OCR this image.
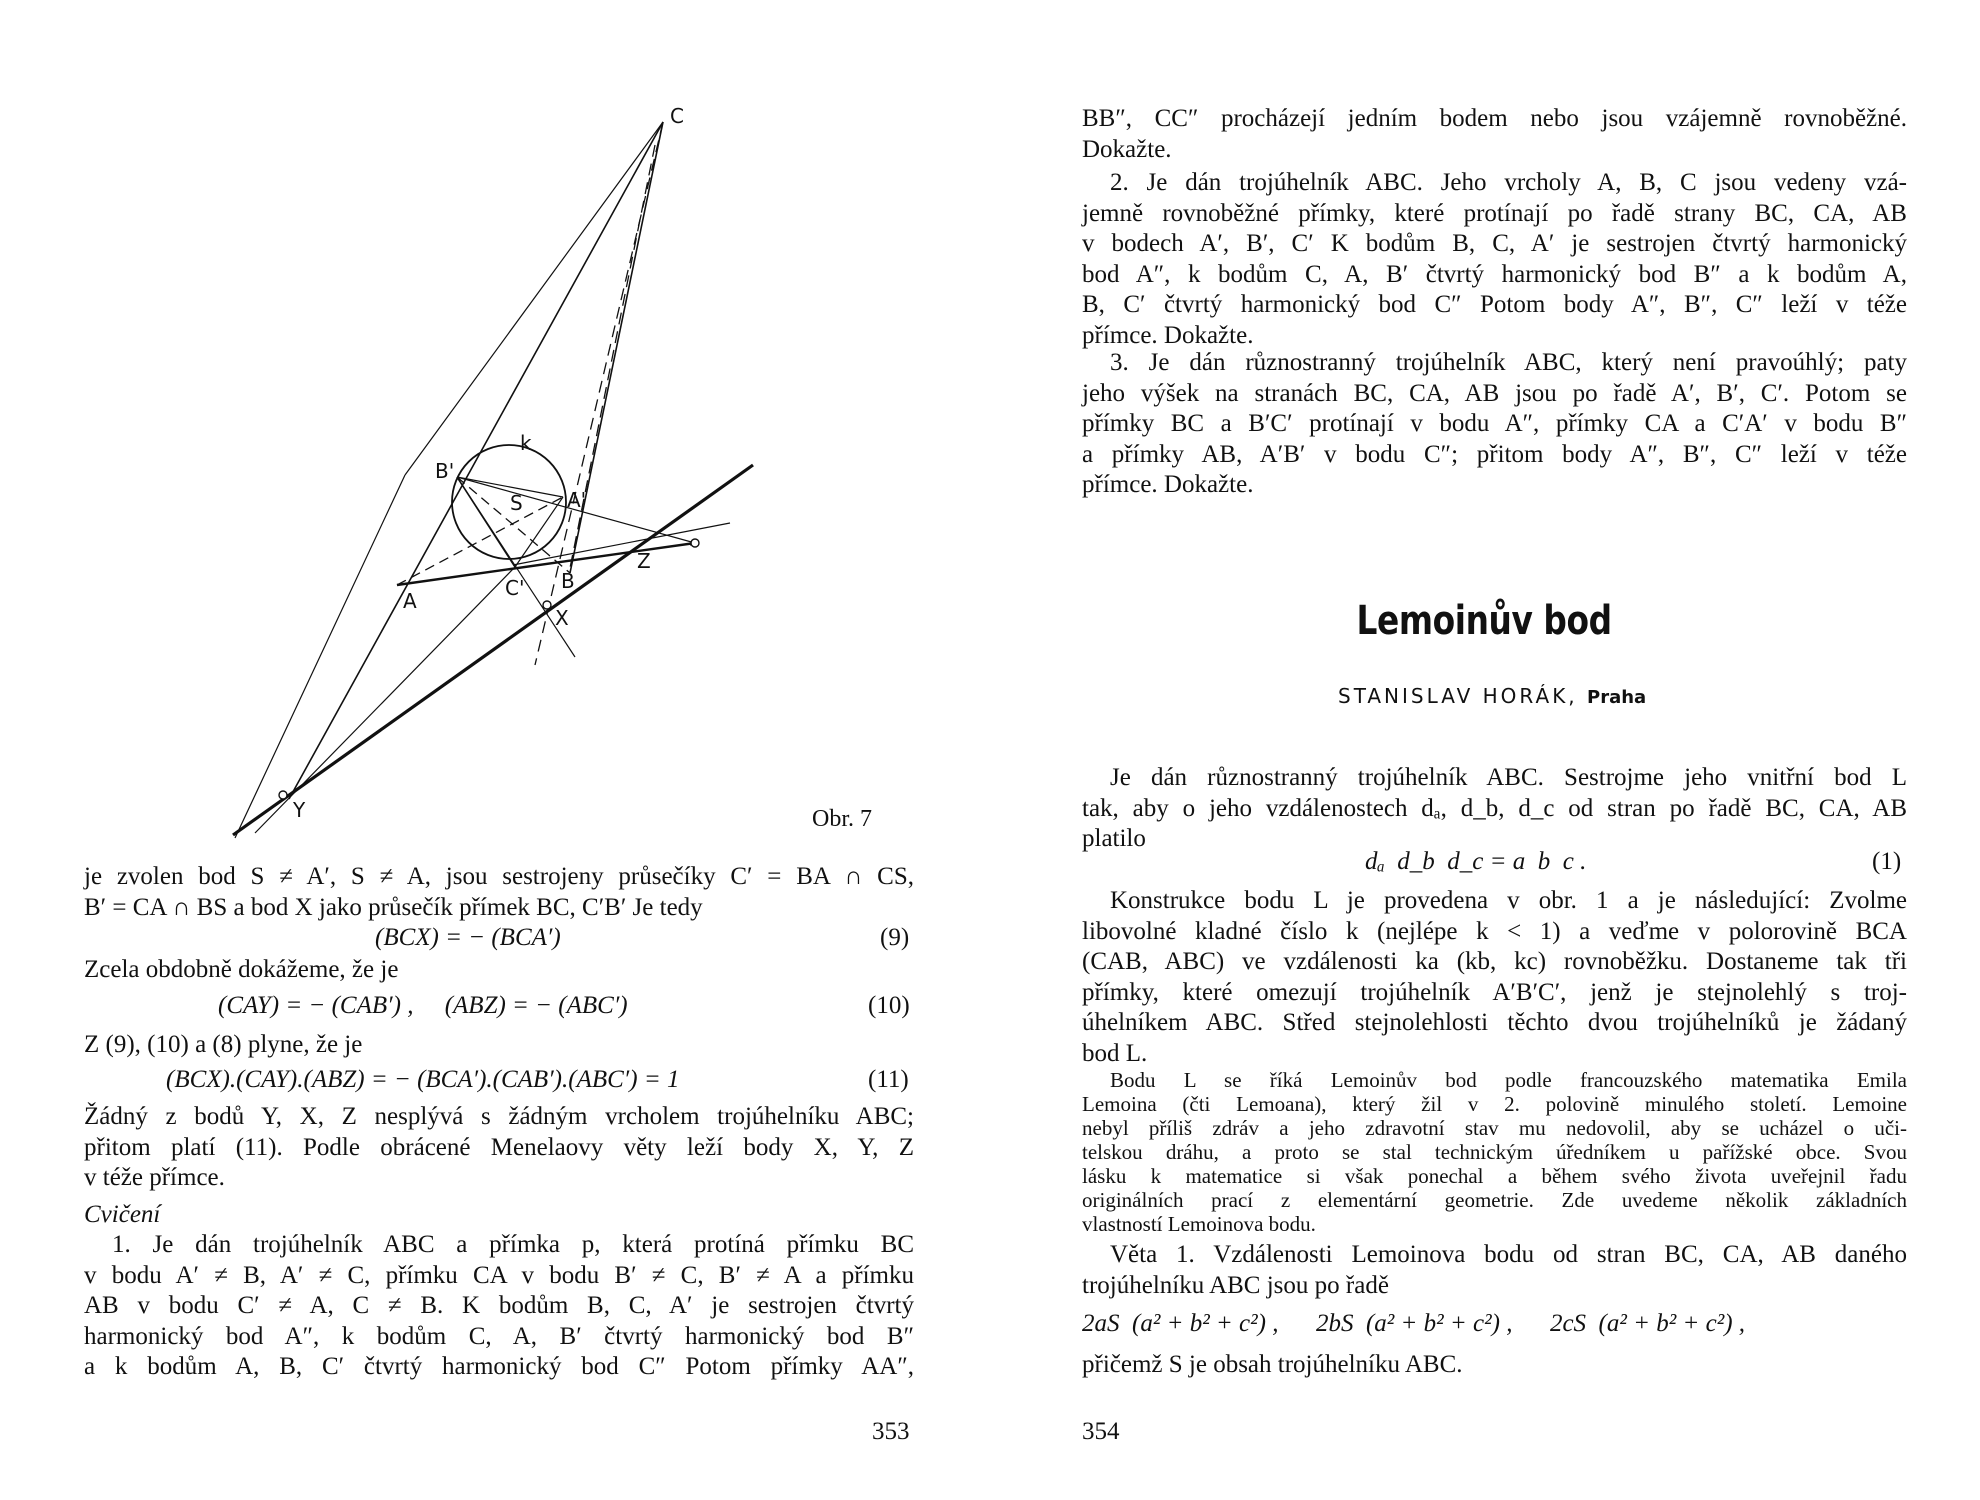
C
k
B'
S A'
Z
A
C' B
X
Y	Obr. 7
je zvolen bod S ≠ A′, S ≠ A, jsou sestrojeny průsečíky C′ = BA ∩ CS,
B′ = CA ∩ BS a bod X jako průsečík přímek BC, C′B′ Je tedy
(BCX) = − (BCA′)	(9)
Zcela obdobně dokážeme, že je
(CAY) = − (CAB′) ,     (ABZ) = − (ABC′)	(10)
Z (9), (10) a (8) plyne, že je
(BCX).(CAY).(ABZ) = − (BCA′).(CAB′).(ABC′) = 1	(11)
Žádný z bodů Y, X, Z nesplývá s žádným vrcholem trojúhelníku ABC;
přitom platí (11). Podle obrácené Menelaovy věty leží body X, Y, Z
v téže přímce.
Cvičení
1. Je dán trojúhelník ABC a přímka p, která protíná přímku BC
v bodu A′ ≠ B, A′ ≠ C, přímku CA v bodu B′ ≠ C, B′ ≠ A a přímku
AB v bodu C′ ≠ A, C ≠ B. K bodům B, C, A′ je sestrojen čtvrtý
harmonický bod A″, k bodům C, A, B′ čtvrtý harmonický bod B″
a k bodům A, B, C′ čtvrtý harmonický bod C″ Potom přímky AA″,
353
BB″, CC″ procházejí jedním bodem nebo jsou vzájemně rovnoběžné.
Dokažte.
2. Je dán trojúhelník ABC. Jeho vrcholy A, B, C jsou vedeny vzá-
jemně rovnoběžné přímky, které protínají po řadě strany BC, CA, AB
v bodech A′, B′, C′ K bodům B, C, A′ je sestrojen čtvrtý harmonický
bod A″, k bodům C, A, B′ čtvrtý harmonický bod B″ a k bodům A,
B, C′ čtvrtý harmonický bod C″ Potom body A″, B″, C″ leží v téže
přímce. Dokažte.
3. Je dán různostranný trojúhelník ABC, který není pravoúhlý; paty
jeho výšek na stranách BC, CA, AB jsou po řadě A′, B′, C′. Potom se
přímky BC a B′C′ protínají v bodu A″, přímky CA a C′A′ v bodu B″
a přímky AB, A′B′ v bodu C″; přitom body A″, B″, C″ leží v téže
přímce. Dokažte.
Lemoinův bod
STANISLAV HORÁK, Praha
Je dán různostranný trojúhelník ABC. Sestrojme jeho vnitřní bod L
tak, aby o jeho vzdálenostech dₐ, d_b, d_c od stran po řadě BC, CA, AB
platilo
dₐ  d_b  d_c = a  b  c .	(1)
Konstrukce bodu L je provedena v obr. 1 a je následující: Zvolme
libovolné kladné číslo k (nejlépe k < 1) a veďme v polorovině BCA
(CAB, ABC) ve vzdálenosti ka (kb, kc) rovnoběžku. Dostaneme tak tři
přímky, které omezují trojúhelník A′B′C′, jenž je stejnolehlý s troj-
úhelníkem ABC. Střed stejnolehlosti těchto dvou trojúhelníků je žádaný
bod L.
Bodu L se říká Lemoinův bod podle francouzského matematika Emila
Lemoina (čti Lemoana), který žil v 2. polovině minulého století. Lemoine
nebyl příliš zdráv a jeho zdravotní stav mu nedovolil, aby se ucházel o uči-
telskou dráhu, a proto se stal technickým úředníkem u pařížské obce. Svou
lásku k matematice si však ponechal a během svého života uveřejnil řadu
originálních prací z elementární geometrie. Zde uvedeme několik základních
vlastností Lemoinova bodu.
Věta 1. Vzdálenosti Lemoinova bodu od stran BC, CA, AB daného
trojúhelníku ABC jsou po řadě
2aS  (a² + b² + c²) ,      2bS  (a² + b² + c²) ,      2cS  (a² + b² + c²) ,
přičemž S je obsah trojúhelníku ABC.
354
